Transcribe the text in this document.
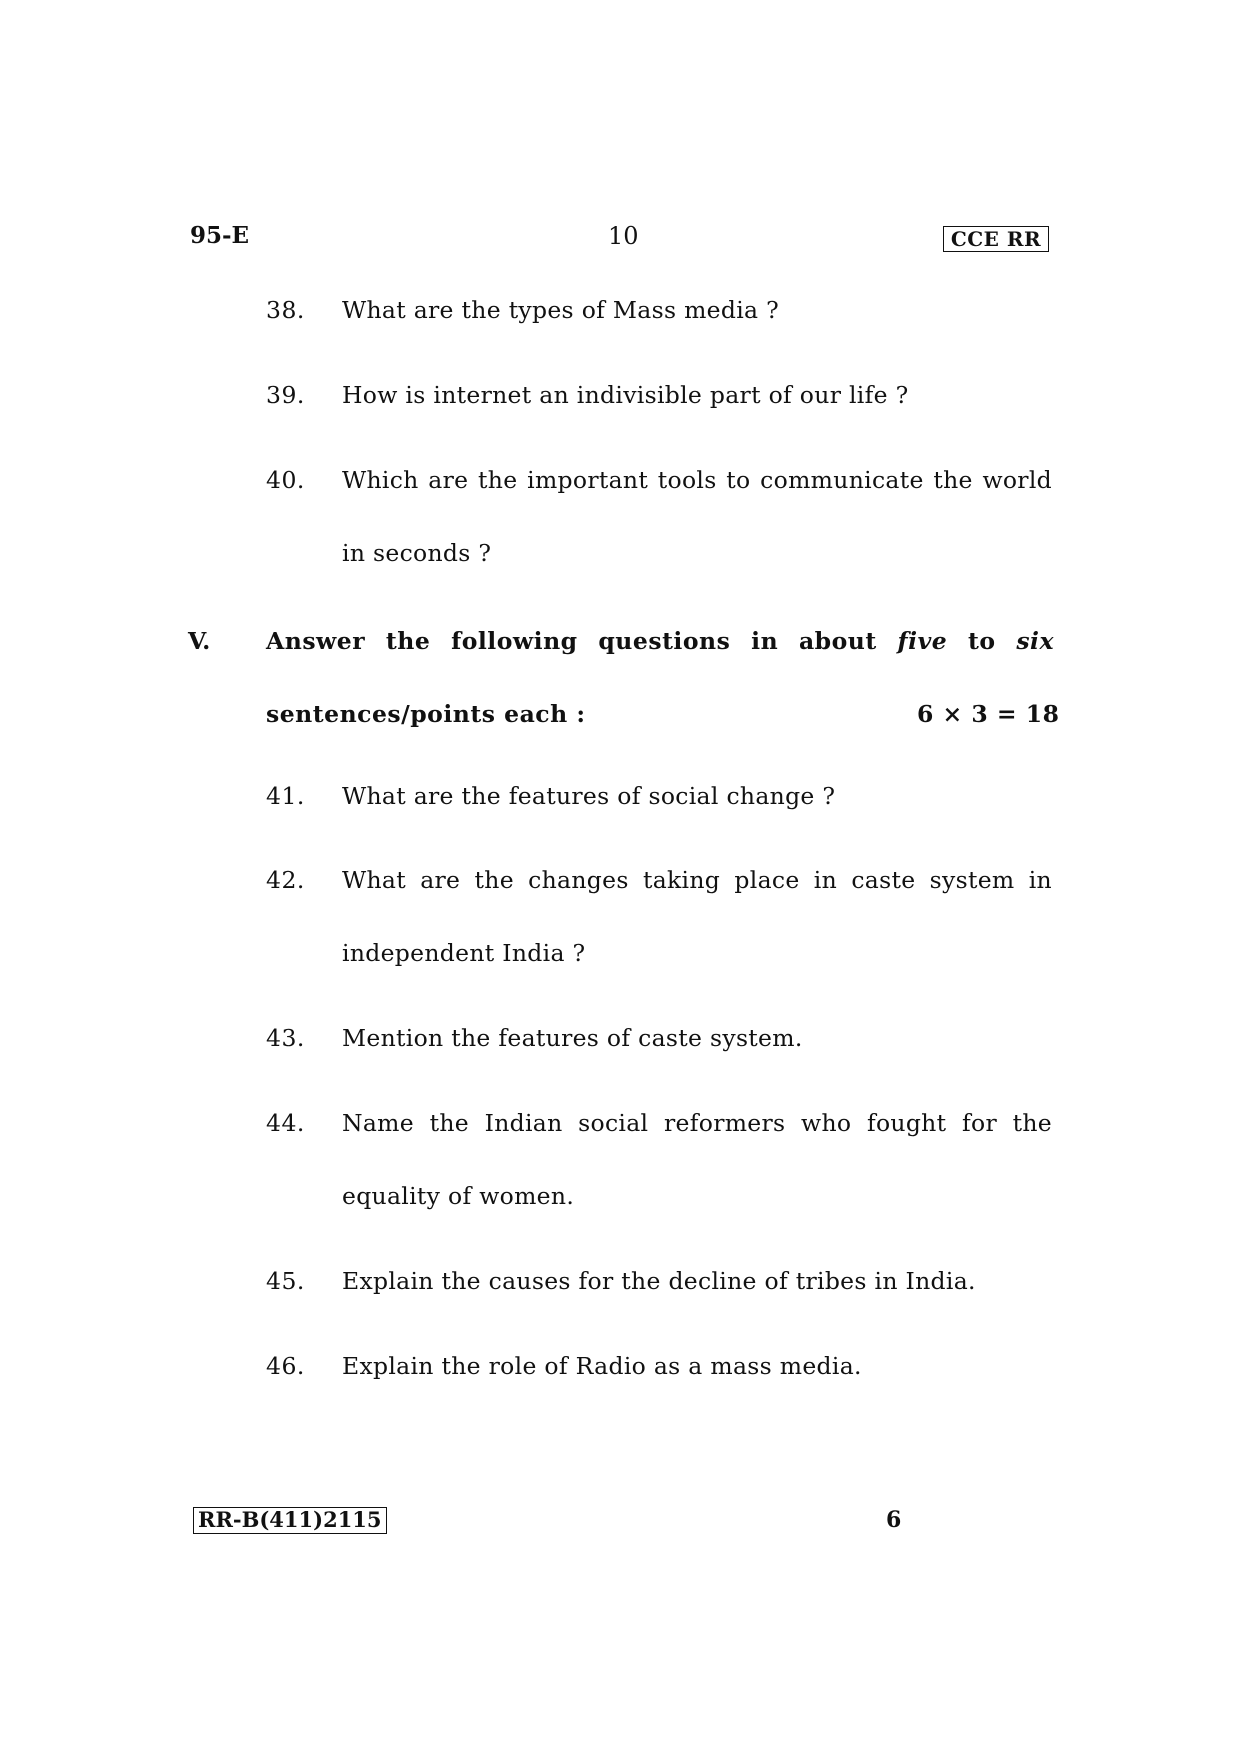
95-E	10	CCE RR
38. What are the types of Mass media ?
39. How is internet an indivisible part of our life ?
40. Which are the important tools to communicate the world
in seconds ?
V. Answer the following questions in about five to six
sentences/points each :	6 × 3 = 18
41. What are the features of social change ?
42. What are the changes taking place in caste system in
independent India ?
43. Mention the features of caste system.
44. Name the Indian social reformers who fought for the
equality of women.
45. Explain the causes for the decline of tribes in India.
46. Explain the role of Radio as a mass media.
RR-B(411)2115	6
